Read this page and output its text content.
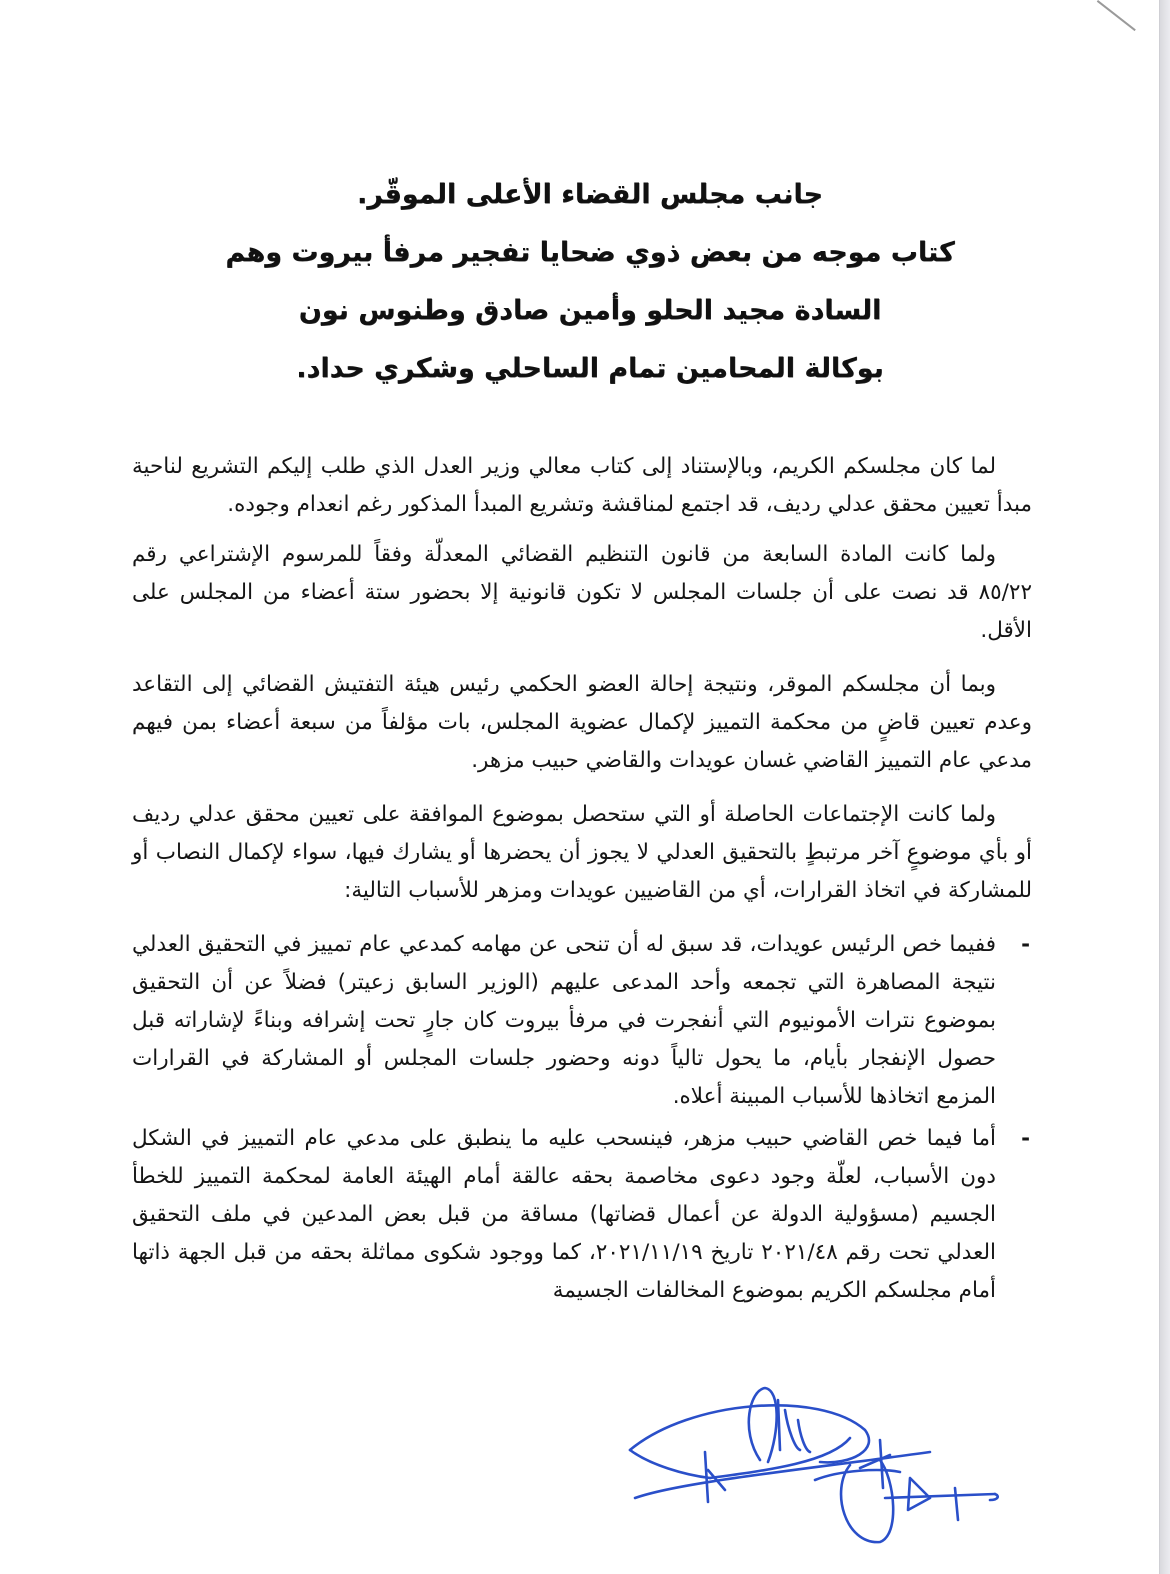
جانب مجلس القضاء الأعلى الموقّر.
كتاب موجه من بعض ذوي ضحايا تفجير مرفأ بيروت وهم
السادة مجيد الحلو وأمين صادق وطنوس نون
بوكالة المحامين تمام الساحلي وشكري حداد.

لما كان مجلسكم الكريم، وبالإستناد إلى كتاب معالي وزير العدل الذي طلب إليكم التشريع لناحية مبدأ تعيين محقق عدلي رديف، قد اجتمع لمناقشة وتشريع المبدأ المذكور رغم انعدام وجوده.

ولما كانت المادة السابعة من قانون التنظيم القضائي المعدلّة وفقاً للمرسوم الإشتراعي رقم ٨٥/٢٢ قد نصت على أن جلسات المجلس لا تكون قانونية إلا بحضور ستة أعضاء من المجلس على الأقل.

وبما أن مجلسكم الموقر، ونتيجة إحالة العضو الحكمي رئيس هيئة التفتيش القضائي إلى التقاعد وعدم تعيين قاضٍ من محكمة التمييز لإكمال عضوية المجلس، بات مؤلفاً من سبعة أعضاء بمن فيهم مدعي عام التمييز القاضي غسان عويدات والقاضي حبيب مزهر.

ولما كانت الإجتماعات الحاصلة أو التي ستحصل بموضوع الموافقة على تعيين محقق عدلي رديف أو بأي موضوعٍ آخر مرتبطٍ بالتحقيق العدلي لا يجوز أن يحضرها أو يشارك فيها، سواء لإكمال النصاب أو للمشاركة في اتخاذ القرارات، أي من القاضيين عويدات ومزهر للأسباب التالية:

-
ففيما خص الرئيس عويدات، قد سبق له أن تنحى عن مهامه كمدعي عام تمييز في التحقيق العدلي نتيجة المصاهرة التي تجمعه وأحد المدعى عليهم (الوزير السابق زعيتر) فضلاً عن أن التحقيق بموضوع نترات الأمونيوم التي أنفجرت في مرفأ بيروت كان جارٍ تحت إشرافه وبناءً لإشاراته قبل حصول الإنفجار بأيام، ما يحول تالياً دونه وحضور جلسات المجلس أو المشاركة في القرارات المزمع اتخاذها للأسباب المبينة أعلاه.
-
أما فيما خص القاضي حبيب مزهر، فينسحب عليه ما ينطبق على مدعي عام التمييز في الشكل دون الأسباب، لعلّة وجود دعوى مخاصمة بحقه عالقة أمام الهيئة العامة لمحكمة التمييز للخطأ الجسيم (مسؤولية الدولة عن أعمال قضاتها) مساقة من قبل بعض المدعين في ملف التحقيق العدلي تحت رقم ٢٠٢١/٤٨ تاريخ ٢٠٢١/١١/١٩، كما ووجود شكوى مماثلة بحقه من قبل الجهة ذاتها أمام مجلسكم الكريم بموضوع المخالفات الجسيمة
